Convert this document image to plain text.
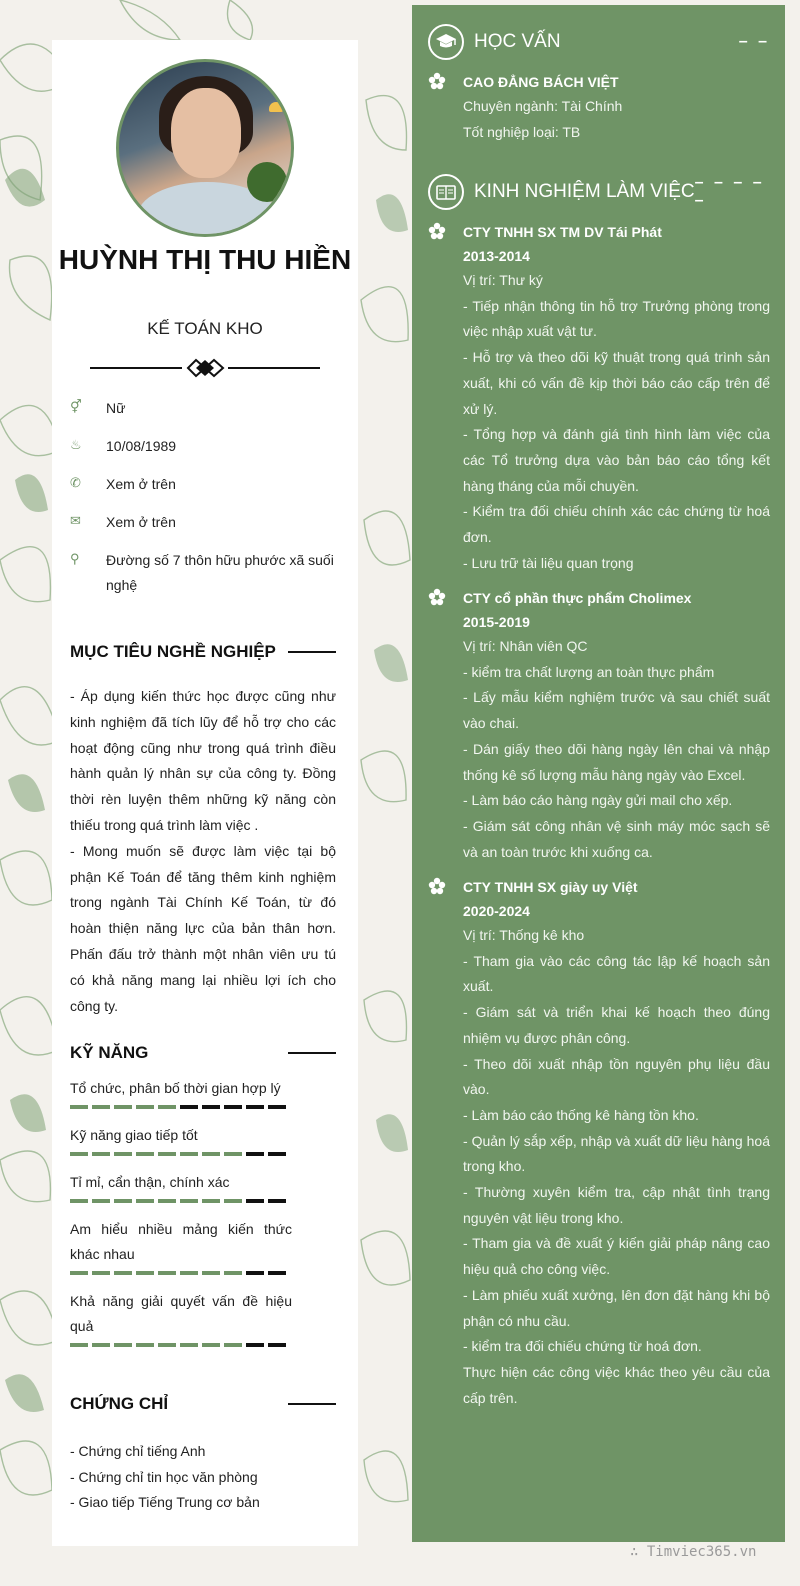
HUỲNH THỊ THU HIỀN
KẾ TOÁN KHO
⚥	Nữ
♨	10/08/1989
✆	Xem ở trên
✉	Xem ở trên
⚲	Đường số 7 thôn hữu phước xã suối nghệ
MỤC TIÊU NGHỀ NGHIỆP

- Áp dụng kiến thức học được cũng như kinh nghiệm đã tích lũy để hỗ trợ cho các hoạt động cũng như trong quá trình điều hành quản lý nhân sự của công ty. Đồng thời rèn luyện thêm những kỹ năng còn thiếu trong quá trình làm việc .

- Mong muốn sẽ được làm việc tại bộ phận Kế Toán để tăng thêm kinh nghiệm trong ngành Tài Chính Kế Toán, từ đó hoàn thiện năng lực của bản thân hơn. Phấn đấu trở thành một nhân viên ưu tú có khả năng mang lại nhiều lợi ích cho công ty.

KỸ NĂNG
Tổ chức, phân bố thời gian hợp lý
Kỹ năng giao tiếp tốt
Tỉ mỉ, cẩn thận, chính xác
Am hiểu nhiều mảng kiến thức khác nhau
Khả năng giải quyết vấn đề hiệu quả
CHỨNG CHỈ
- Chứng chỉ tiếng Anh
- Chứng chỉ tin học văn phòng
- Giao tiếp Tiếng Trung cơ bản
HỌC VẤN	– –
CAO ĐẲNG BÁCH VIỆT
Chuyên ngành: Tài Chính
Tốt nghiệp loại: TB
KINH NGHIỆM LÀM VIỆC – – – – –
CTY TNHH SX TM DV Tái Phát
2013-2014
Vị trí: Thư ký
- Tiếp nhận thông tin hỗ trợ Trưởng phòng trong việc nhập xuất vật tư.
- Hỗ trợ và theo dõi kỹ thuật trong quá trình sản xuất, khi có vấn đề kịp thời báo cáo cấp trên để xử lý.
- Tổng hợp và đánh giá tình hình làm việc của các Tổ trưởng dựa vào bản báo cáo tổng kết hàng tháng của mỗi chuyền.
- Kiểm tra đối chiếu chính xác các chứng từ hoá đơn.
- Lưu trữ tài liệu quan trọng
CTY cổ phần thực phẩm Cholimex
2015-2019
Vị trí: Nhân viên QC
- kiểm tra chất lượng an toàn thực phẩm
- Lấy mẫu kiểm nghiệm trước và sau chiết suất vào chai.
- Dán giấy theo dõi hàng ngày lên chai và nhập thống kê số lượng mẫu hàng ngày vào Excel.
- Làm báo cáo hàng ngày gửi mail cho xếp.
- Giám sát công nhân vệ sinh máy móc sạch sẽ và an toàn trước khi xuống ca.
CTY TNHH SX giày uy Việt
2020-2024
Vị trí: Thống kê kho
- Tham gia vào các công tác lập kế hoạch sản xuất.
- Giám sát và triển khai kế hoạch theo đúng nhiệm vụ được phân công.
- Theo dõi xuất nhập tồn nguyên phụ liệu đầu vào.
- Làm báo cáo thống kê hàng tồn kho.
- Quản lý sắp xếp, nhập và xuất dữ liệu hàng hoá trong kho.
- Thường xuyên kiểm tra, cập nhật tình trạng nguyên vật liệu trong kho.
- Tham gia và đề xuất ý kiến giải pháp nâng cao hiệu quả cho công việc.
- Làm phiếu xuất xưởng, lên đơn đặt hàng khi bộ phận có nhu cầu.
- kiểm tra đối chiếu chứng từ hoá đơn.
Thực hiện các công việc khác theo yêu cầu của cấp trên.
∴ Timviec365.vn
